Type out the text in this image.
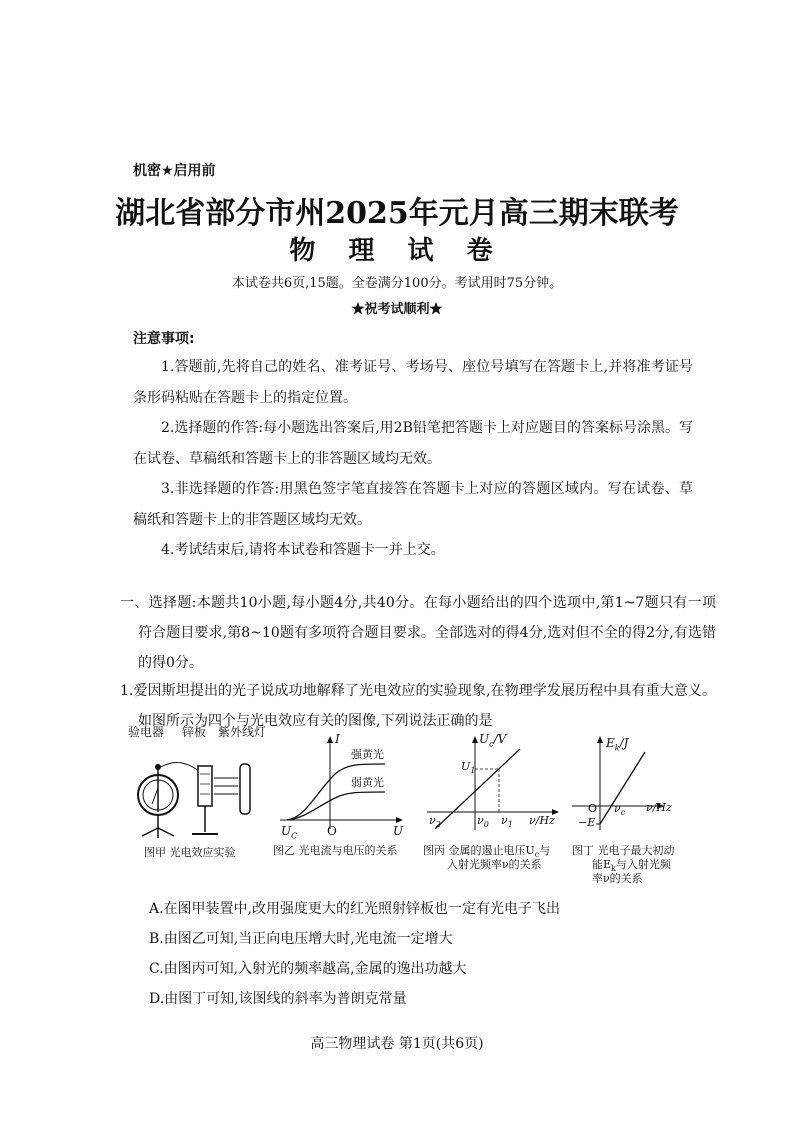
机密★启用前
湖北省部分市州2025年元月高三期末联考
物 理 试 卷
本试卷共6页,15题。全卷满分100分。考试用时75分钟。
★祝考试顺利★
注意事项:
1.答题前,先将自己的姓名、准考证号、考场号、座位号填写在答题卡上,并将准考证号条形码粘贴在答题卡上的指定位置。
2.选择题的作答:每小题选出答案后,用2B铅笔把答题卡上对应题目的答案标号涂黑。写在试卷、草稿纸和答题卡上的非答题区域均无效。
3.非选择题的作答:用黑色签字笔直接答在答题卡上对应的答题区域内。写在试卷、草稿纸和答题卡上的非答题区域均无效。
4.考试结束后,请将本试卷和答题卡一并上交。
一、选择题:本题共10小题,每小题4分,共40分。在每小题给出的四个选项中,第1~7题只有一项符合题目要求,第8~10题有多项符合题目要求。全部选对的得4分,选对但不全的得2分,有选错的得0分。
1.爱因斯坦提出的光子说成功地解释了光电效应的实验现象,在物理学发展历程中具有重大意义。如图所示为四个与光电效应有关的图像,下列说法正确的是
验电器 锌板 紫外线灯
图甲 光电效应实验
I
U
O
$U_C$
强黄光
弱黄光
图乙 光电流与电压的关系
$U_c/V$
$U_1$
ν/Hz
$\nu_2$	$\nu_0$ $\nu_1$
图丙 金属的遏止电压$U_c$与
入射光频率ν的关系
$E_k/J$
O $\nu_c$ ν/Hz
−E
图丁 光电子最大初动
能$E_k$与入射光频
率ν的关系
A.在图甲装置中,改用强度更大的红光照射锌板也一定有光电子飞出
B.由图乙可知,当正向电压增大时,光电流一定增大
C.由图丙可知,入射光的频率越高,金属的逸出功越大
D.由图丁可知,该图线的斜率为普朗克常量
高三物理试卷 第1页(共6页)
